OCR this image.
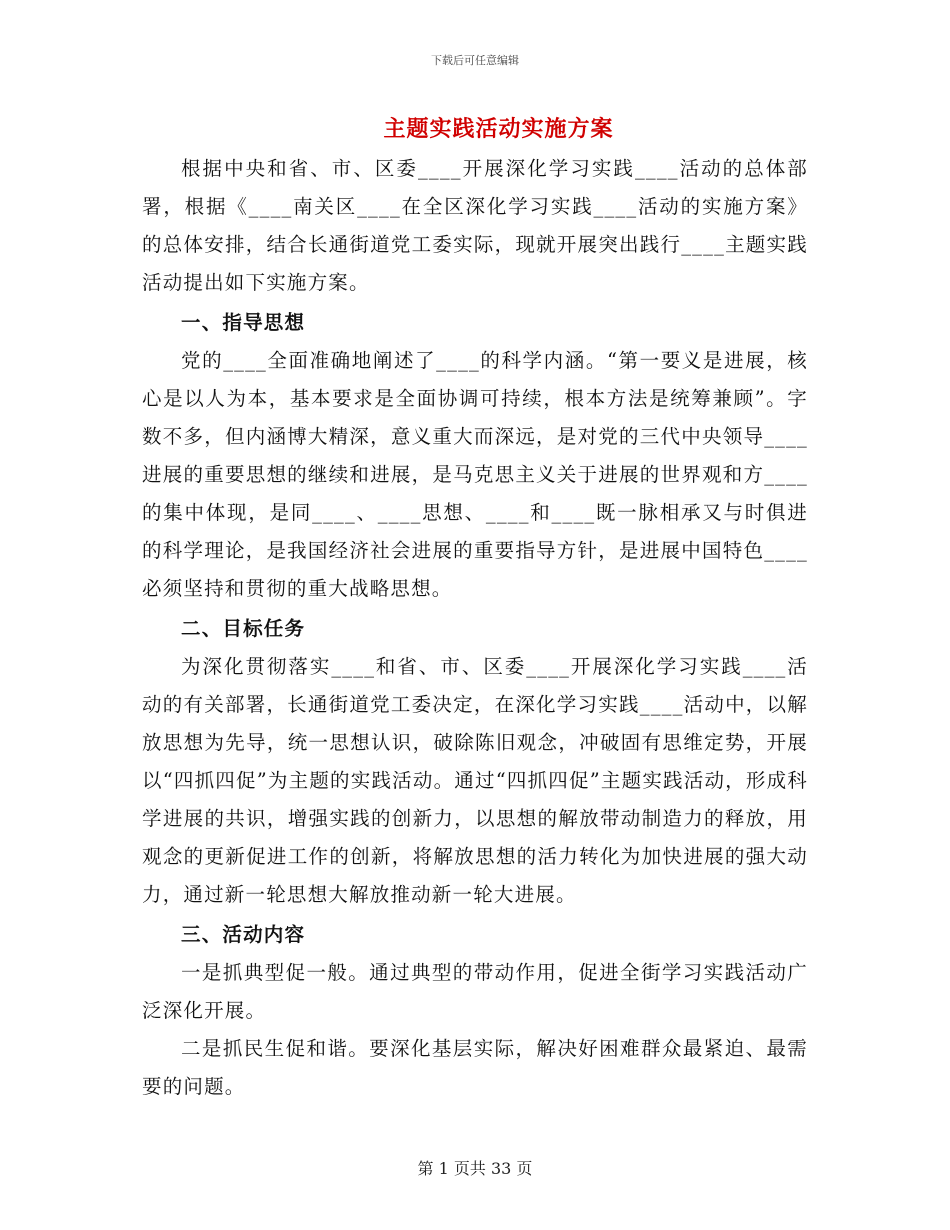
下载后可任意编辑
主题实践活动实施方案

根据中央和省、市、区委____开展深化学习实践____活动的总体部署，根据《____南关区____在全区深化学习实践____活动的实施方案》的总体安排，结合长通街道党工委实际，现就开展突出践行____主题实践活动提出如下实施方案。

一、指导思想

党的____全面准确地阐述了____的科学内涵。“第一要义是进展，核心是以人为本，基本要求是全面协调可持续，根本方法是统筹兼顾”。字数不多，但内涵博大精深，意义重大而深远，是对党的三代中央领导____进展的重要思想的继续和进展，是马克思主义关于进展的世界观和方____的集中体现，是同____、____思想、____和____既一脉相承又与时俱进的科学理论，是我国经济社会进展的重要指导方针，是进展中国特色____必须坚持和贯彻的重大战略思想。

二、目标任务

为深化贯彻落实____和省、市、区委____开展深化学习实践____活动的有关部署，长通街道党工委决定，在深化学习实践____活动中，以解放思想为先导，统一思想认识，破除陈旧观念，冲破固有思维定势，开展以“四抓四促”为主题的实践活动。通过“四抓四促”主题实践活动，形成科学进展的共识，增强实践的创新力，以思想的解放带动制造力的释放，用观念的更新促进工作的创新，将解放思想的活力转化为加快进展的强大动力，通过新一轮思想大解放推动新一轮大进展。

三、活动内容

一是抓典型促一般。通过典型的带动作用，促进全街学习实践活动广泛深化开展。

二是抓民生促和谐。要深化基层实际，解决好困难群众最紧迫、最需要的问题。

第 1 页共 33 页
